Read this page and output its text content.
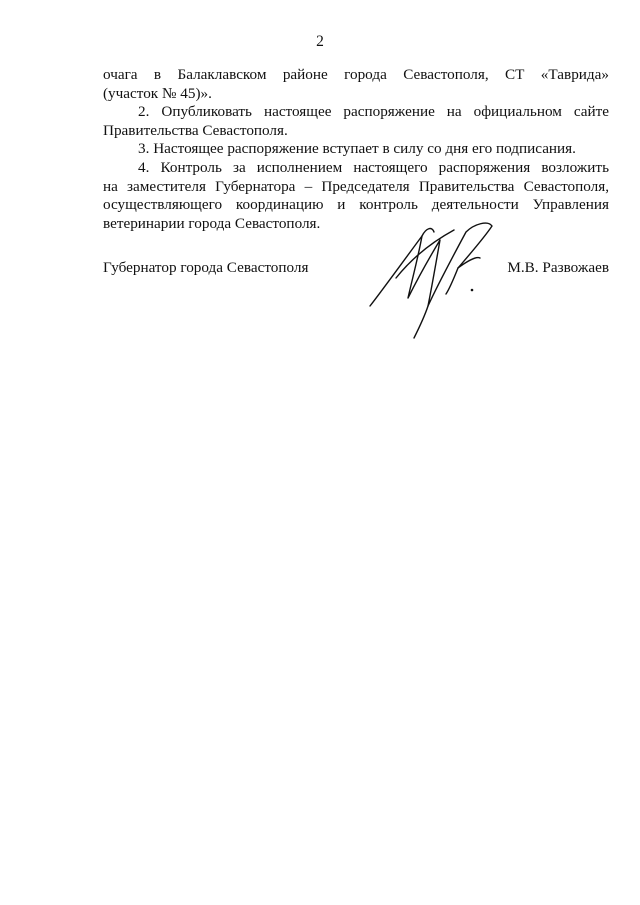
2

очага в Балаклавском районе города Севастополя, СТ «Таврида»
(участок № 45)».

2. Опубликовать настоящее распоряжение на официальном сайте
Правительства Севастополя.

3. Настоящее распоряжение вступает в силу со дня его подписания.

4. Контроль за исполнением настоящего распоряжения возложить
на заместителя Губернатора – Председателя Правительства Севастополя,
осуществляющего координацию и контроль деятельности Управления
ветеринарии города Севастополя.

Губернатор города Севастополя	М.В. Развожаев
